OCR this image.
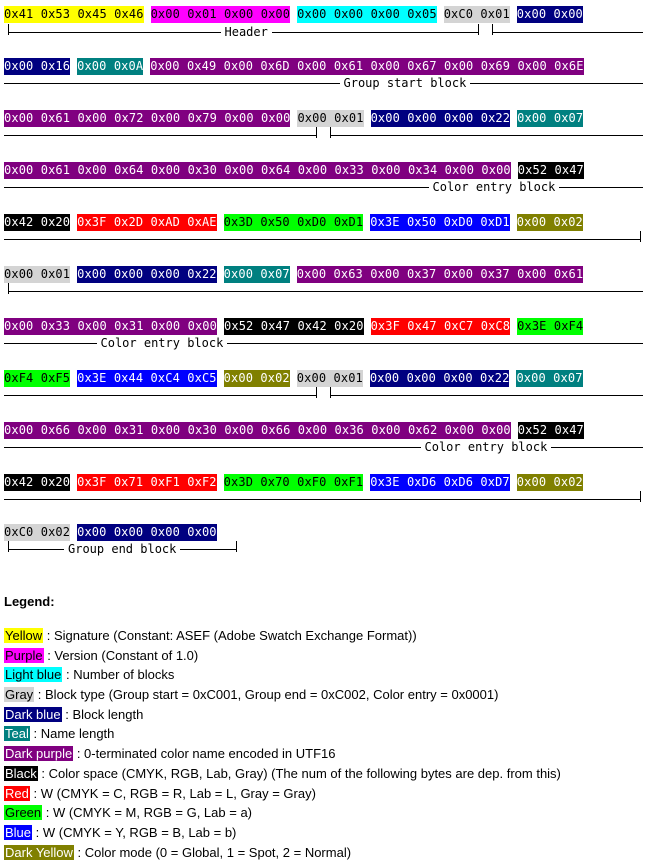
0x41 0x53 0x45 0x46 0x00 0x01 0x00 0x00 0x00 0x00 0x00 0x05 0xC0 0x01 0x00 0x00
0x00 0x16 0x00 0x0A 0x00 0x49 0x00 0x6D 0x00 0x61 0x00 0x67 0x00 0x69 0x00 0x6E
0x00 0x61 0x00 0x72 0x00 0x79 0x00 0x00 0x00 0x01 0x00 0x00 0x00 0x22 0x00 0x07
0x00 0x61 0x00 0x64 0x00 0x30 0x00 0x64 0x00 0x33 0x00 0x34 0x00 0x00 0x52 0x47
0x42 0x20 0x3F 0x2D 0xAD 0xAE 0x3D 0x50 0xD0 0xD1 0x3E 0x50 0xD0 0xD1 0x00 0x02
0x00 0x01 0x00 0x00 0x00 0x22 0x00 0x07 0x00 0x63 0x00 0x37 0x00 0x37 0x00 0x61
0x00 0x33 0x00 0x31 0x00 0x00 0x52 0x47 0x42 0x20 0x3F 0x47 0xC7 0xC8 0x3E 0xF4
0xF4 0xF5 0x3E 0x44 0xC4 0xC5 0x00 0x02 0x00 0x01 0x00 0x00 0x00 0x22 0x00 0x07
0x00 0x66 0x00 0x31 0x00 0x30 0x00 0x66 0x00 0x36 0x00 0x62 0x00 0x00 0x52 0x47
0x42 0x20 0x3F 0x71 0xF1 0xF2 0x3D 0x70 0xF0 0xF1 0x3E 0xD6 0xD6 0xD7 0x00 0x02
0xC0 0x02 0x00 0x00 0x00 0x00
Header
Group start block
Color entry block
Color entry block
Color entry block
Group end block
Legend:
Yellow : Signature (Constant: ASEF (Adobe Swatch Exchange Format))
Purple : Version (Constant of 1.0)
Light blue : Number of blocks
Gray : Block type (Group start = 0xC001, Group end = 0xC002, Color entry = 0x0001)
Dark blue : Block length
Teal : Name length
Dark purple : 0-terminated color name encoded in UTF16
Black : Color space (CMYK, RGB, Lab, Gray) (The num of the following bytes are dep. from this)
Red : W (CMYK = C, RGB = R, Lab = L, Gray = Gray)
Green : W (CMYK = M, RGB = G, Lab = a)
Blue : W (CMYK = Y, RGB = B, Lab = b)
Dark Yellow : Color mode (0 = Global, 1 = Spot, 2 = Normal)
